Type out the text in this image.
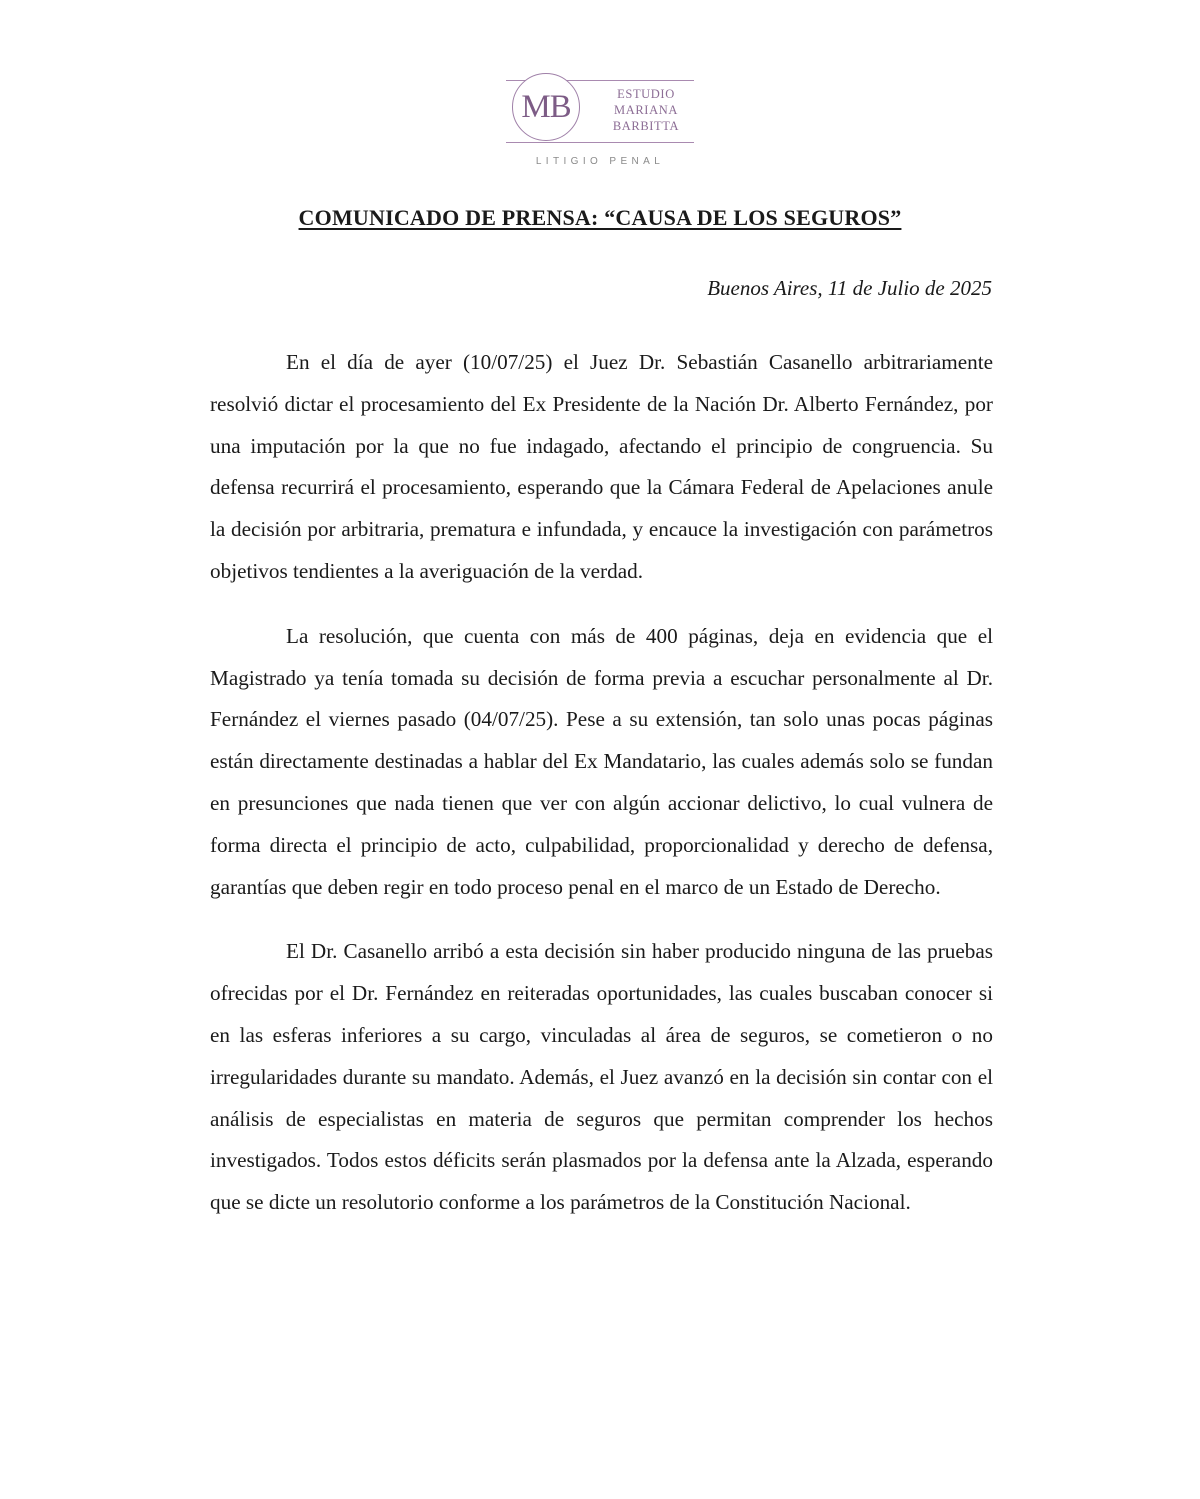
MB	ESTUDIO
MARIANA
BARBITTA
LITIGIO PENAL
COMUNICADO DE PRENSA: “CAUSA DE LOS SEGUROS”
Buenos Aires, 11 de Julio de 2025

En el día de ayer (10/07/25) el Juez Dr. Sebastián Casanello arbitrariamente resolvió dictar el procesamiento del Ex Presidente de la Nación Dr. Alberto Fernández, por una imputación por la que no fue indagado, afectando el principio de congruencia. Su defensa recurrirá el procesamiento, esperando que la Cámara Federal de Apelaciones anule la decisión por arbitraria, prematura e infundada, y encauce la investigación con parámetros objetivos tendientes a la averiguación de la verdad.

La resolución, que cuenta con más de 400 páginas, deja en evidencia que el Magistrado ya tenía tomada su decisión de forma previa a escuchar personalmente al Dr. Fernández el viernes pasado (04/07/25). Pese a su extensión, tan solo unas pocas páginas están directamente destinadas a hablar del Ex Mandatario, las cuales además solo se fundan en presunciones que nada tienen que ver con algún accionar delictivo, lo cual vulnera de forma directa el principio de acto, culpabilidad, proporcionalidad y derecho de defensa, garantías que deben regir en todo proceso penal en el marco de un Estado de Derecho.

El Dr. Casanello arribó a esta decisión sin haber producido ninguna de las pruebas ofrecidas por el Dr. Fernández en reiteradas oportunidades, las cuales buscaban conocer si en las esferas inferiores a su cargo, vinculadas al área de seguros, se cometieron o no irregularidades durante su mandato. Además, el Juez avanzó en la decisión sin contar con el análisis de especialistas en materia de seguros que permitan comprender los hechos investigados. Todos estos déficits serán plasmados por la defensa ante la Alzada, esperando que se dicte un resolutorio conforme a los parámetros de la Constitución Nacional.
